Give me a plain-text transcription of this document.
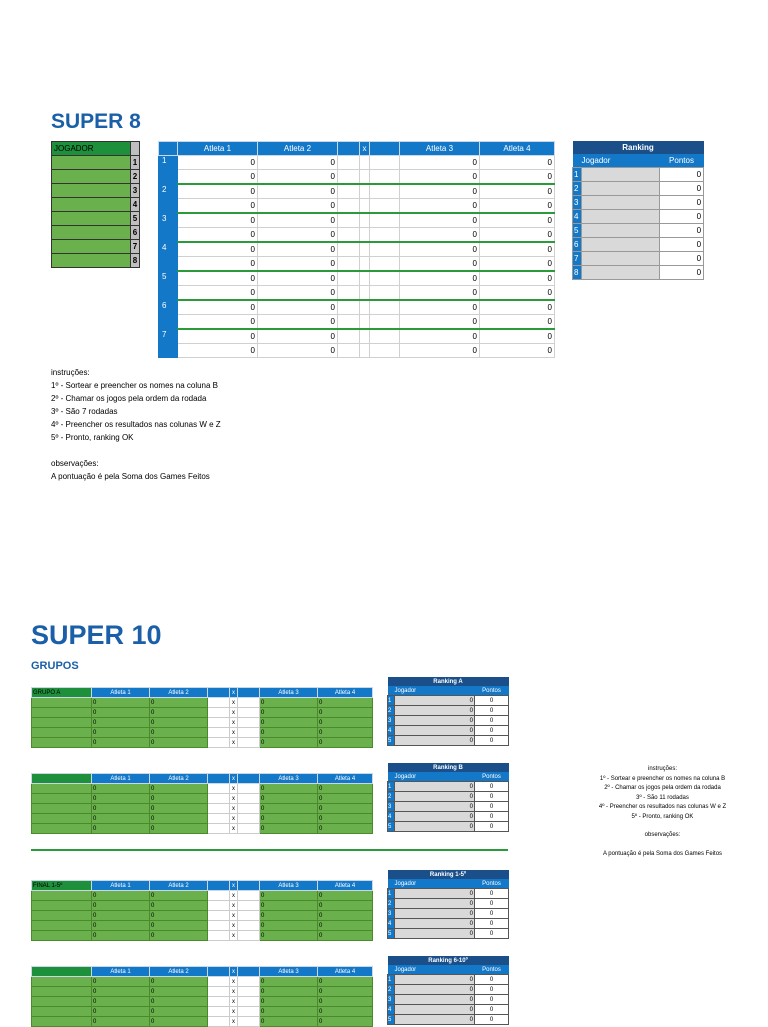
SUPER 8
JOGADOR	
	1
	2
	3
	4
	5
	6
	7
	8
	Atleta 1	Atleta 2		x		Atleta 3	Atleta 4
1	0	0				0	0
	0	0				0	0
2	0	0				0	0
	0	0				0	0
3	0	0				0	0
	0	0				0	0
4	0	0				0	0
	0	0				0	0
5	0	0				0	0
	0	0				0	0
6	0	0				0	0
	0	0				0	0
7	0	0				0	0
	0	0				0	0
Ranking		
Jogador		Pontos
1		0
2		0
3		0
4		0
5		0
6		0
7		0
8		0
instruções:
1º - Sortear e preencher os nomes na coluna B
2º - Chamar os jogos pela ordem da rodada
3º - São 7 rodadas
4º - Preencher os resultados nas colunas W e Z
5º - Pronto, ranking OK
observações:
A pontuação é pela Soma dos Games Feitos
SUPER 10
GRUPOS
GRUPO A	Atleta 1	Atleta 2		x		Atleta 3	Atleta 4
	0	0		x		0	0
	0	0		x		0	0
	0	0		x		0	0
	0	0		x		0	0
	0	0		x		0	0
Ranking A		
Jogador		Pontos
1	0	0
2	0	0
3	0	0
4	0	0
5	0	0
	Atleta 1	Atleta 2		x		Atleta 3	Atleta 4
	0	0		x		0	0
	0	0		x		0	0
	0	0		x		0	0
	0	0		x		0	0
	0	0		x		0	0
Ranking B		
Jogador		Pontos
1	0	0
2	0	0
3	0	0
4	0	0
5	0	0
FINAL 1-5º	Atleta 1	Atleta 2		x		Atleta 3	Atleta 4
	0	0		x		0	0
	0	0		x		0	0
	0	0		x		0	0
	0	0		x		0	0
	0	0		x		0	0
Ranking 1-5º		
Jogador		Pontos
1	0	0
2	0	0
3	0	0
4	0	0
5	0	0
	Atleta 1	Atleta 2		x		Atleta 3	Atleta 4
	0	0		x		0	0
	0	0		x		0	0
	0	0		x		0	0
	0	0		x		0	0
	0	0		x		0	0
Ranking 6-10º		
Jogador		Pontos
1	0	0
2	0	0
3	0	0
4	0	0
5	0	0
instruções:
1º - Sortear e preencher os nomes na coluna B
2º - Chamar os jogos pela ordem da rodada
3º - São 11 rodadas
4º - Preencher os resultados nas colunas W e Z
5º - Pronto, ranking OK
observações:
A pontuação é pela Soma dos Games Feitos
